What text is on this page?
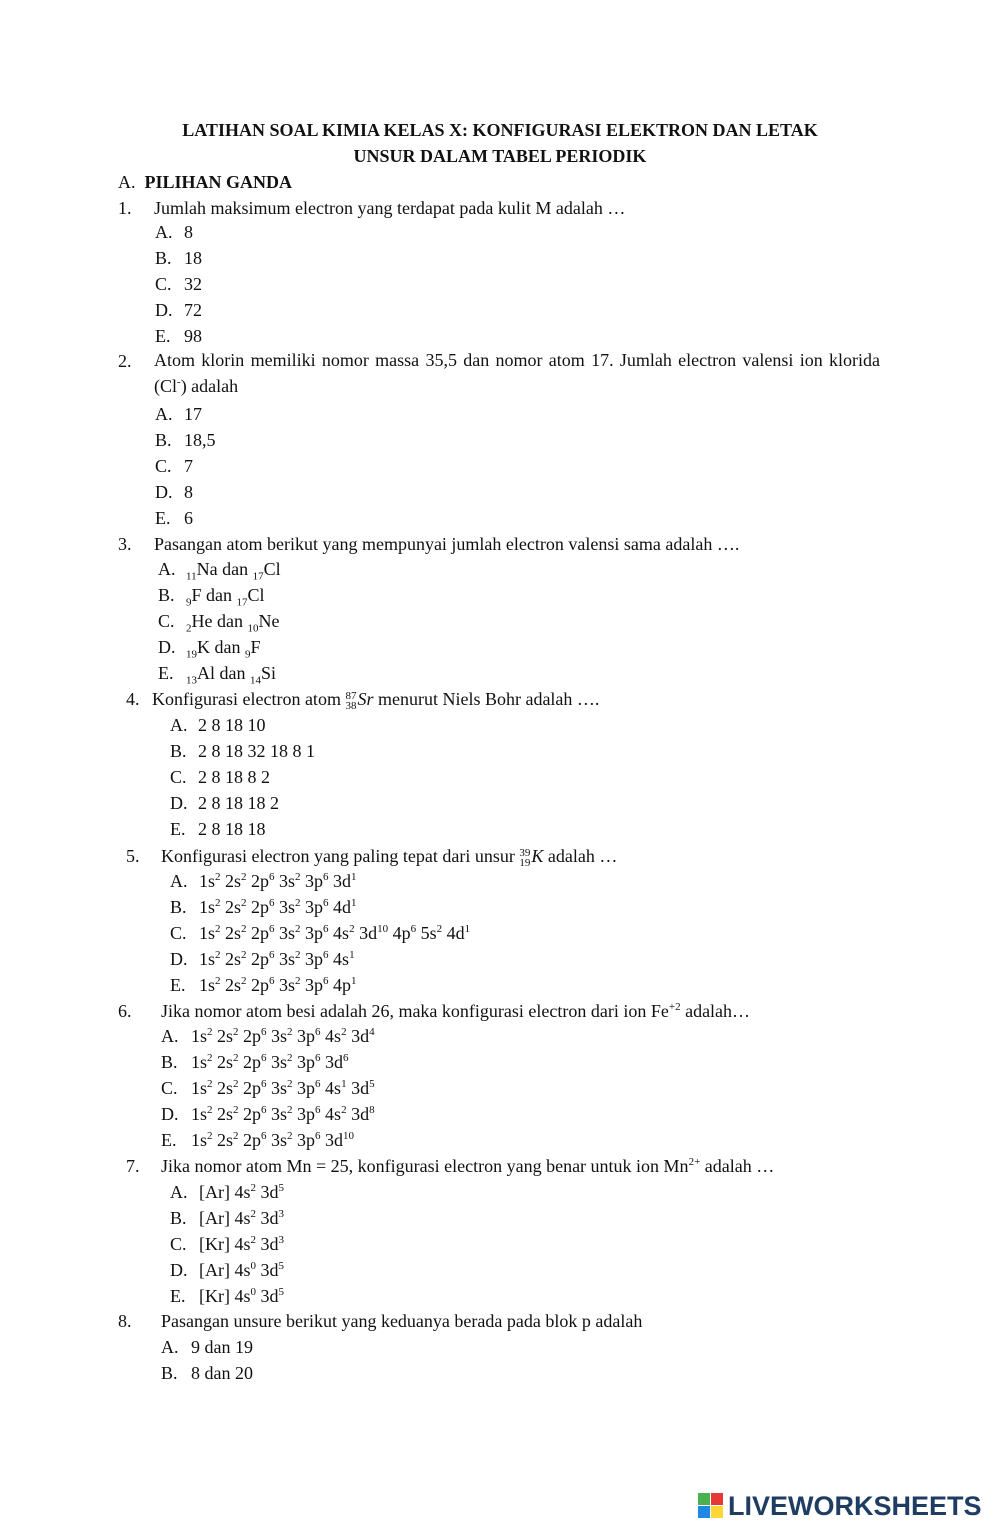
LATIHAN SOAL KIMIA KELAS X: KONFIGURASI ELEKTRON DAN LETAK
UNSUR DALAM TABEL PERIODIK
A. PILIHAN GANDA
1. Jumlah maksimum electron yang terdapat pada kulit M adalah …
A. 8
B. 18
C. 32
D. 72
E. 98
2. Atom klorin memiliki nomor massa 35,5 dan nomor atom 17. Jumlah electron valensi ion klorida (Cl-) adalah
A. 17
B. 18,5
C. 7
D. 8
E. 6
3. Pasangan atom berikut yang mempunyai jumlah electron valensi sama adalah ….
A. $_{11}$Na dan $_{17}$Cl
B. $_9$F dan $_{17}$Cl
C. $_2$He dan $_{10}$Ne
D. $_{19}$K dan $_9$F
E. $_{13}$Al dan $_{14}$Si
4. Konfigurasi electron atom 87
38 Sr menurut Niels Bohr adalah ….
A. 2 8 18 10
B. 2 8 18 32 18 8 1
C. 2 8 18 8 2
D. 2 8 18 18 2
E. 2 8 18 18
5. Konfigurasi electron yang paling tepat dari unsur 39
19 K adalah …
A. $1s^2$ $2s^2$ $2p^6$ $3s^2$ $3p^6$ $3d^1$
B. $1s^2$ $2s^2$ $2p^6$ $3s^2$ $3p^6$ $4d^1$
C. $1s^2$ $2s^2$ $2p^6$ $3s^2$ $3p^6$ $4s^2$ $3d^{10}$ $4p^6$ $5s^2$ $4d^1$
D. $1s^2$ $2s^2$ $2p^6$ $3s^2$ $3p^6$ $4s^1$
E. $1s^2$ $2s^2$ $2p^6$ $3s^2$ $3p^6$ $4p^1$
6. Jika nomor atom besi adalah 26, maka konfigurasi electron dari ion $Fe^{+2}$ adalah…
A. $1s^2$ $2s^2$ $2p^6$ $3s^2$ $3p^6$ $4s^2$ $3d^4$
B. $1s^2$ $2s^2$ $2p^6$ $3s^2$ $3p^6$ $3d^6$
C. $1s^2$ $2s^2$ $2p^6$ $3s^2$ $3p^6$ $4s^1$ $3d^5$
D. $1s^2$ $2s^2$ $2p^6$ $3s^2$ $3p^6$ $4s^2$ $3d^8$
E. $1s^2$ $2s^2$ $2p^6$ $3s^2$ $3p^6$ $3d^{10}$
7. Jika nomor atom Mn = 25, konfigurasi electron yang benar untuk ion $Mn^{2+}$ adalah …
A. [Ar] $4s^2$ $3d^5$
B. [Ar] $4s^2$ $3d^3$
C. [Kr] $4s^2$ $3d^3$
D. [Ar] $4s^0$ $3d^5$
E. [Kr] $4s^0$ $3d^5$
8. Pasangan unsure berikut yang keduanya berada pada blok p adalah
A. 9 dan 19
B. 8 dan 20
LIVEWORKSHEETS
